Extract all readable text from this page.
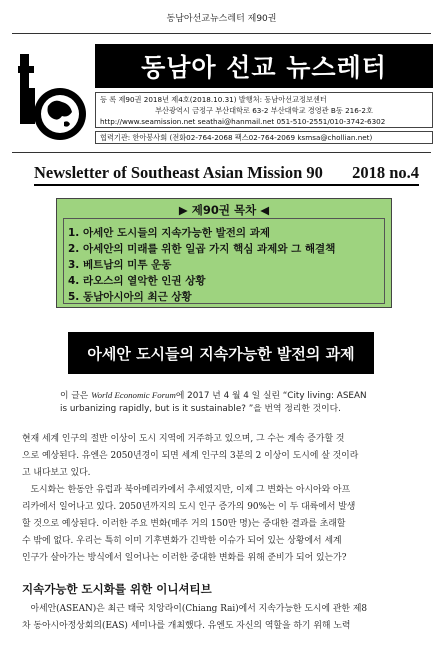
동남아선교뉴스레터 제90권
동남아 선교 뉴스레터
등 록 제90권 2018년 제4호(2018.10.31) 발행처: 동남아선교정보센터
부산광역시 금정구 부산대학로 63-2 부산대학교 경영관 B동 216-2호
http://www.seamission.net seathai@hanmail.net 051-510-2551/010-3742-6302
협력기관: 한아봉사회 (전화02-764-2068 팩스02-764-2069 ksmsa@chollian.net)
Newsletter of Southeast Asian Mission 90 2018 no.4
▶ 제90권 목차 ◀
1. 아세안 도시들의 지속가능한 발전의 과제
2. 아세안의 미래를 위한 일곱 가지 핵심 과제와 그 해결책
3. 베트남의 미투 운동
4. 라오스의 열악한 인권 상황
5. 동남아시아의 최근 상황
아세안 도시들의 지속가능한 발전의 과제
이 글은 World Economic Forum에 2017 년 4 월 4 일 실린 “City living: ASEAN
is urbanizing rapidly, but is it sustainable? ”을 번역 정리한 것이다.
현재 세계 인구의 절반 이상이 도시 지역에 거주하고 있으며, 그 수는 계속 증가할 것
으로 예상된다. 유엔은 2050년경이 되면 세계 인구의 3분의 2 이상이 도시에 살 것이라
고 내다보고 있다.
도시화는 한동안 유럽과 북아메리카에서 추세였지만, 이제 그 변화는 아시아와 아프
리카에서 일어나고 있다. 2050년까지의 도시 인구 증가의 90%는 이 두 대륙에서 발생
할 것으로 예상된다. 이러한 주요 변화(매주 거의 150만 명)는 중대한 결과를 초래할
수 밖에 없다. 우리는 특히 이미 기후변화가 긴박한 이슈가 되어 있는 상황에서 세계
인구가 살아가는 방식에서 일어나는 이러한 중대한 변화를 위해 준비가 되어 있는가?
지속가능한 도시화를 위한 이니셔티브
아세안(ASEAN)은 최근 태국 치앙라이(Chiang Rai)에서 지속가능한 도시에 관한 제8
차 동아시아정상회의(EAS) 세미나를 개최했다. 유엔도 자신의 역할을 하기 위해 노력
